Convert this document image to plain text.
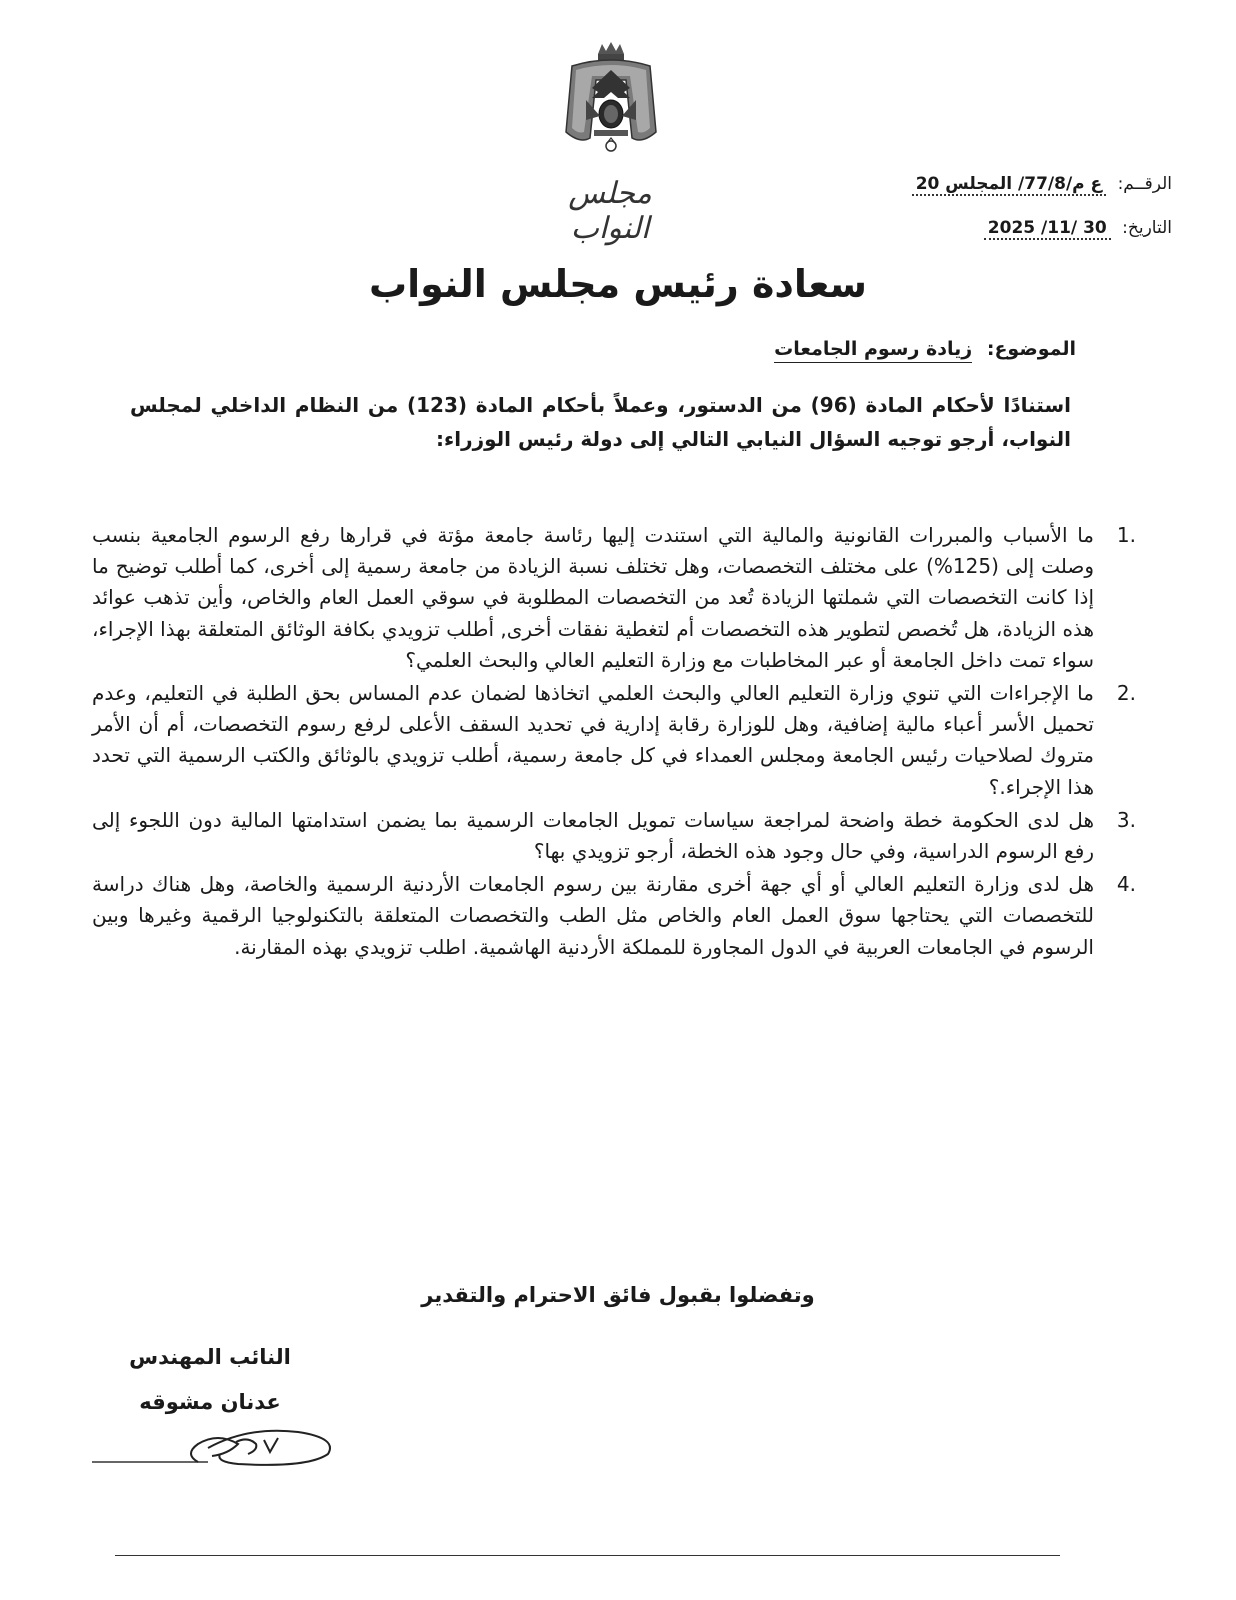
مجلس النواب
الرقــم: ع م/77/8/ المجلس 20
التاريخ: 30 /11/ 2025
سعادة رئيس مجلس النواب
الموضوع: زيادة رسوم الجامعات
استنادًا لأحكام المادة (96) من الدستور، وعملاً بأحكام المادة (123) من النظام الداخلي لمجلس النواب، أرجو توجيه السؤال النيابي التالي إلى دولة رئيس الوزراء:
1.
ما الأسباب والمبررات القانونية والمالية التي استندت إليها رئاسة جامعة مؤتة في قرارها رفع الرسوم الجامعية بنسب وصلت إلى (125%) على مختلف التخصصات، وهل تختلف نسبة الزيادة من جامعة رسمية إلى أخرى، كما أطلب توضيح ما إذا كانت التخصصات التي شملتها الزيادة تُعد من التخصصات المطلوبة في سوقي العمل العام والخاص، وأين تذهب عوائد هذه الزيادة، هل تُخصص لتطوير هذه التخصصات أم لتغطية نفقات أخرى, أطلب تزويدي بكافة الوثائق المتعلقة بهذا الإجراء، سواء تمت داخل الجامعة أو عبر المخاطبات مع وزارة التعليم العالي والبحث العلمي؟
2.
ما الإجراءات التي تنوي وزارة التعليم العالي والبحث العلمي اتخاذها لضمان عدم المساس بحق الطلبة في التعليم، وعدم تحميل الأسر أعباء مالية إضافية، وهل للوزارة رقابة إدارية في تحديد السقف الأعلى لرفع رسوم التخصصات، أم أن الأمر متروك لصلاحيات رئيس الجامعة ومجلس العمداء في كل جامعة رسمية، أطلب تزويدي بالوثائق والكتب الرسمية التي تحدد هذا الإجراء.؟
3.
هل لدى الحكومة خطة واضحة لمراجعة سياسات تمويل الجامعات الرسمية بما يضمن استدامتها المالية دون اللجوء إلى رفع الرسوم الدراسية، وفي حال وجود هذه الخطة، أرجو تزويدي بها؟
4.
هل لدى وزارة التعليم العالي أو أي جهة أخرى مقارنة بين رسوم الجامعات الأردنية الرسمية والخاصة، وهل هناك دراسة للتخصصات التي يحتاجها سوق العمل العام والخاص مثل الطب والتخصصات المتعلقة بالتكنولوجيا الرقمية وغيرها وبين الرسوم في الجامعات العربية في الدول المجاورة للمملكة الأردنية الهاشمية. اطلب تزويدي بهذه المقارنة.
وتفضلوا بقبول فائق الاحترام والتقدير
النائب المهندس
عدنان مشوقه
